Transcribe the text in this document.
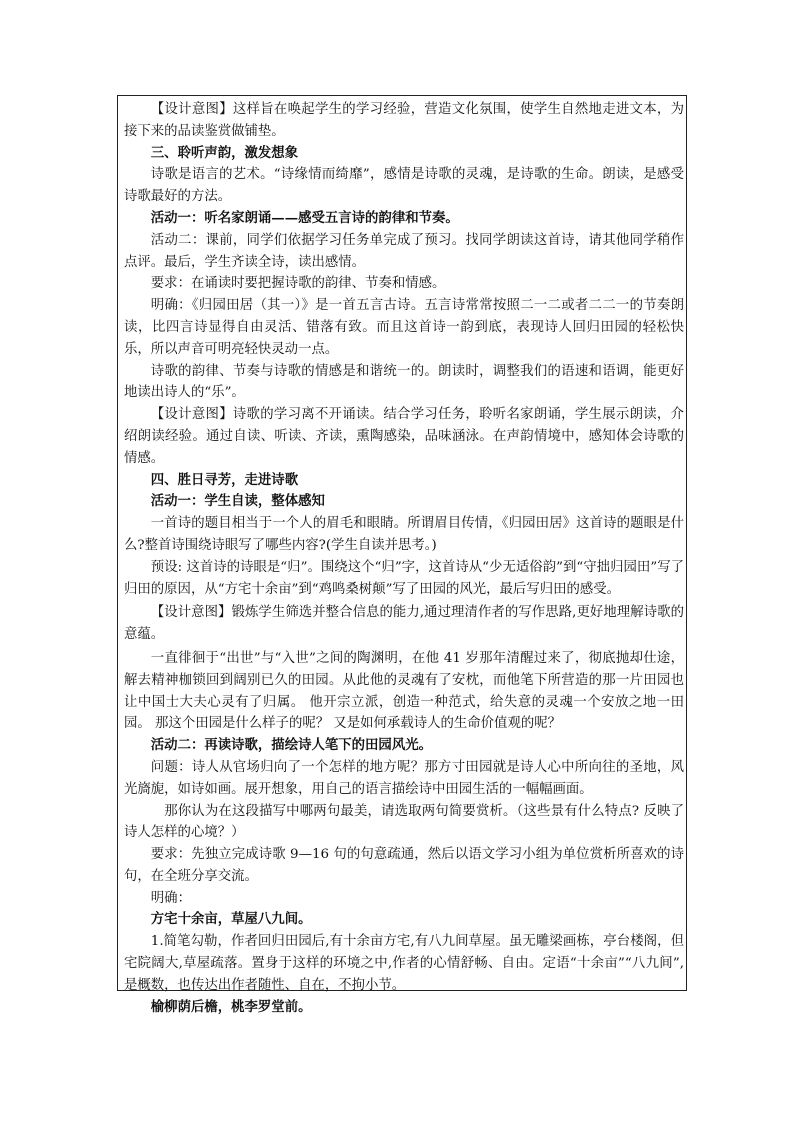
【设计意图】这样旨在唤起学生的学习经验，营造文化氛围，使学生自然地走进文本，为接下来的品读鉴赏做铺垫。

三、聆听声韵，激发想象

诗歌是语言的艺术。“诗缘情而绮靡”，感情是诗歌的灵魂，是诗歌的生命。朗读，是感受诗歌最好的方法。

活动一：听名家朗诵——感受五言诗的韵律和节奏。

活动二：课前，同学们依据学习任务单完成了预习。找同学朗读这首诗，请其他同学稍作点评。最后，学生齐读全诗，读出感情。

要求：在诵读时要把握诗歌的韵律、节奏和情感。

明确：《归园田居（其一）》是一首五言古诗。五言诗常常按照二一二或者二二一的节奏朗读，比四言诗显得自由灵活、错落有致。而且这首诗一韵到底，表现诗人回归田园的轻松快乐，所以声音可明亮轻快灵动一点。

诗歌的韵律、节奏与诗歌的情感是和谐统一的。朗读时，调整我们的语速和语调，能更好地读出诗人的“乐”。

【设计意图】诗歌的学习离不开诵读。结合学习任务，聆听名家朗诵，学生展示朗读，介绍朗读经验。通过自读、听读、齐读，熏陶感染，品味涵泳。在声韵情境中，感知体会诗歌的情感。

四、胜日寻芳，走进诗歌

活动一：学生自读，整体感知

一首诗的题目相当于一个人的眉毛和眼睛。所谓眉目传情，《归园田居》这首诗的题眼是什么?整首诗围绕诗眼写了哪些内容?(学生自读并思考。)

预设: 这首诗的诗眼是“归”。围绕这个“归”字，这首诗从“少无适俗韵”到“守拙归园田”写了归田的原因，从“方宅十余亩”到“鸡鸣桑树颠”写了田园的风光，最后写归田的感受。

【设计意图】锻炼学生筛选并整合信息的能力,通过理清作者的写作思路,更好地理解诗歌的意蕴。

一直徘徊于“出世”与“入世”之间的陶渊明，在他 41 岁那年清醒过来了，彻底抛却仕途，解去精神枷锁回到阔别已久的田园。从此他的灵魂有了安枕，而他笔下所营造的那一片田园也让中国士大夫心灵有了归属。 他开宗立派，创造一种范式，给失意的灵魂一个安放之地一田园。 那这个田园是什么样子的呢？ 又是如何承载诗人的生命价值观的呢？

活动二：再读诗歌，描绘诗人笔下的田园风光。

问题：诗人从官场归向了一个怎样的地方呢？那方寸田园就是诗人心中所向往的圣地，风光旖旎，如诗如画。展开想象，用自己的语言描绘诗中田园生活的一幅幅画面。

那你认为在这段描写中哪两句最美，请选取两句简要赏析。（这些景有什么特点? 反映了诗人怎样的心境？）

要求：先独立完成诗歌 9—16 句的句意疏通，然后以语文学习小组为单位赏析所喜欢的诗句，在全班分享交流。

明确：

方宅十余亩，草屋八九间。

1.简笔勾勒，作者回归田园后,有十余亩方宅,有八九间草屋。虽无雕梁画栋，亭台楼阁，但宅院阔大,草屋疏落。置身于这样的环境之中,作者的心情舒畅、自由。定语“十余亩”“八九间”,是概数，也传达出作者随性、自在，不拘小节。

榆柳荫后檐，桃李罗堂前。
